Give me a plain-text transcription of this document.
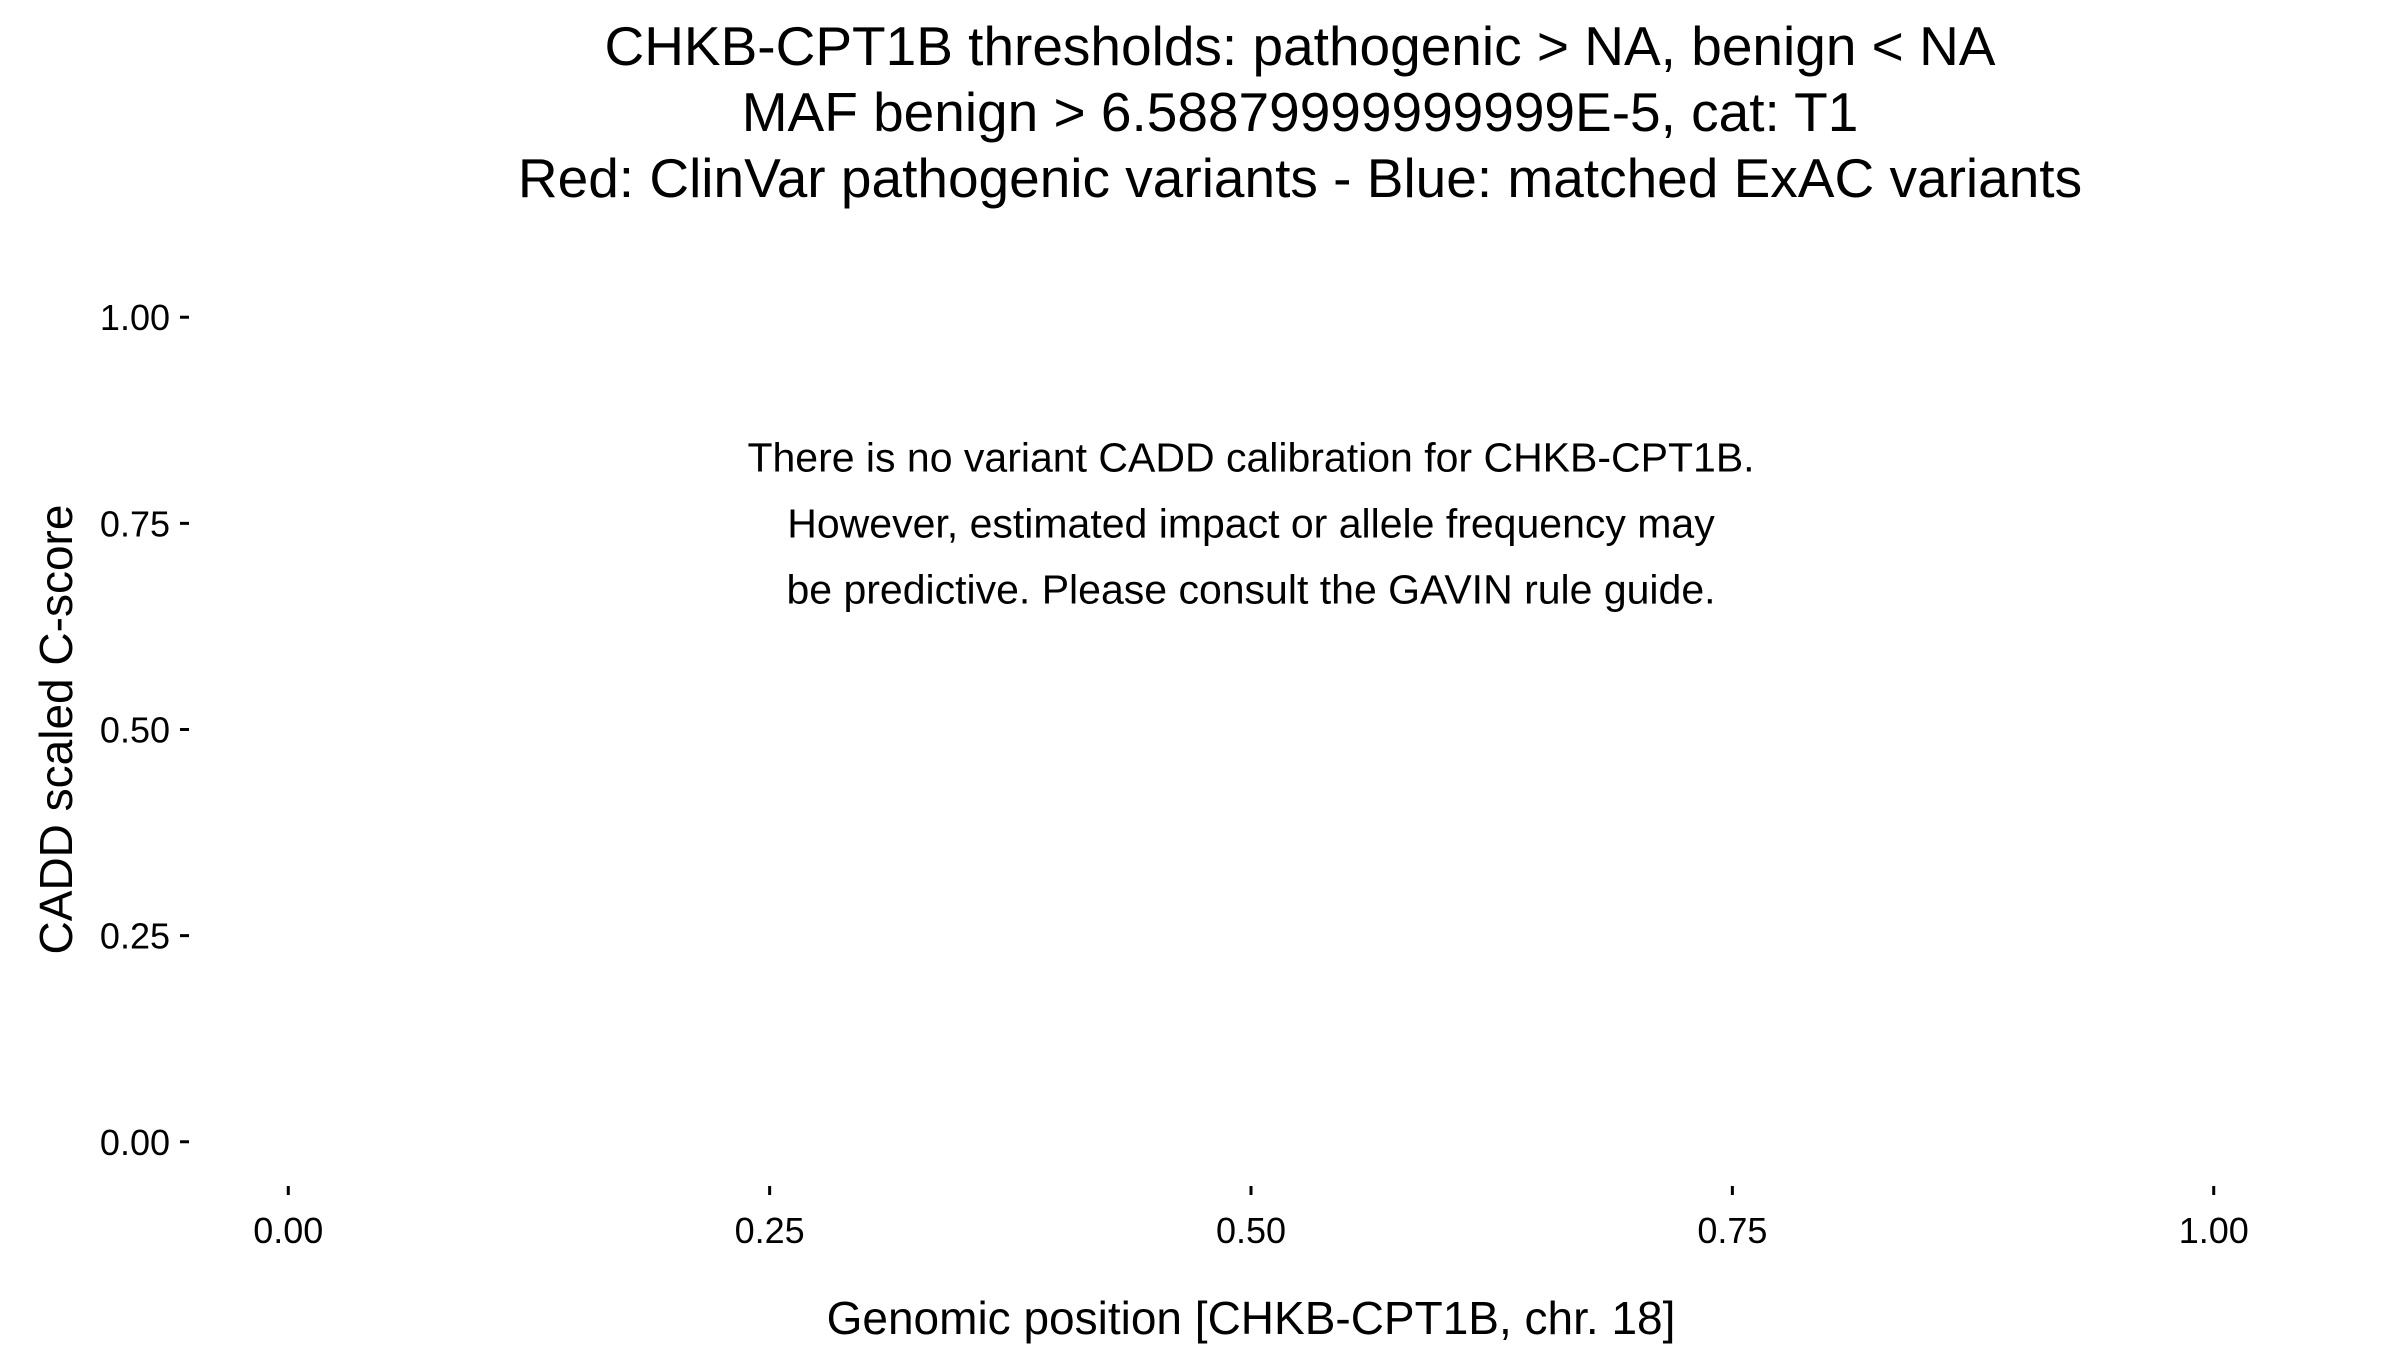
CHKB-CPT1B thresholds: pathogenic > NA, benign < NA
MAF benign > 6.58879999999999E-5, cat: T1
Red: ClinVar pathogenic variants - Blue: matched ExAC variants
0.00
0.25
0.50
0.75
1.00
0.00	0.25	0.50	0.75	1.00
There is no variant CADD calibration for CHKB-CPT1B.
However, estimated impact or allele frequency may
be predictive. Please consult the GAVIN rule guide.
Genomic position [CHKB-CPT1B, chr. 18]
CADD scaled C-score
